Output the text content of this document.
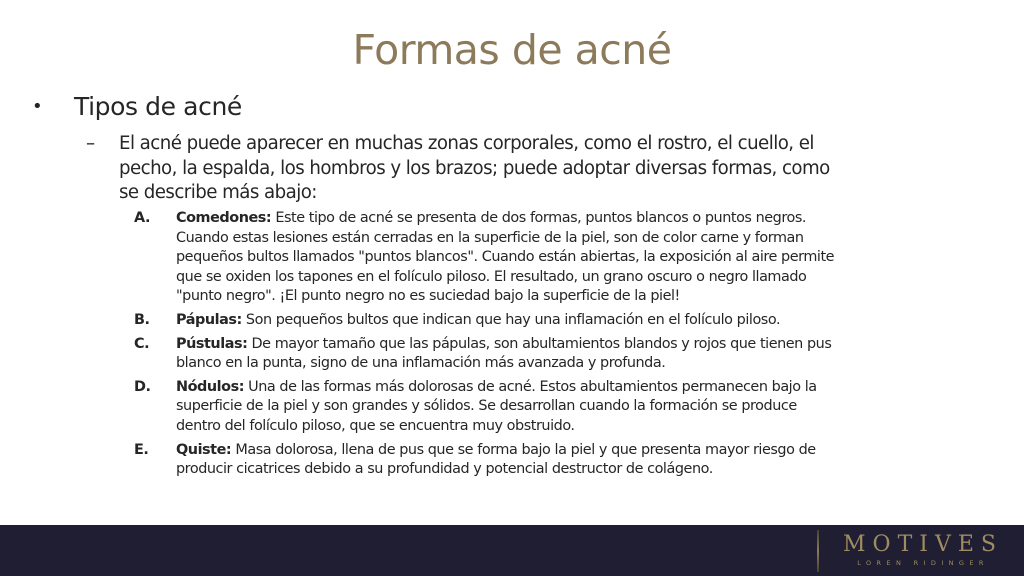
Formas de acné
• Tipos de acné
– El acné puede aparecer en muchas zonas corporales, como el rostro, el cuello, el
pecho, la espalda, los hombros y los brazos; puede adoptar diversas formas, como
se describe más abajo:
A. Comedones: Este tipo de acné se presenta de dos formas, puntos blancos o puntos negros.
Cuando estas lesiones están cerradas en la superficie de la piel, son de color carne y forman
pequeños bultos llamados "puntos blancos". Cuando están abiertas, la exposición al aire permite
que se oxiden los tapones en el folículo piloso. El resultado, un grano oscuro o negro llamado
"punto negro". ¡El punto negro no es suciedad bajo la superficie de la piel!
B. Pápulas: Son pequeños bultos que indican que hay una inflamación en el folículo piloso.
C. Pústulas: De mayor tamaño que las pápulas, son abultamientos blandos y rojos que tienen pus
blanco en la punta, signo de una inflamación más avanzada y profunda.
D. Nódulos: Una de las formas más dolorosas de acné. Estos abultamientos permanecen bajo la
superficie de la piel y son grandes y sólidos. Se desarrollan cuando la formación se produce
dentro del folículo piloso, que se encuentra muy obstruido.
E. Quiste: Masa dolorosa, llena de pus que se forma bajo la piel y que presenta mayor riesgo de
producir cicatrices debido a su profundidad y potencial destructor de colágeno.
MOTIVES
LOREN RIDINGER
